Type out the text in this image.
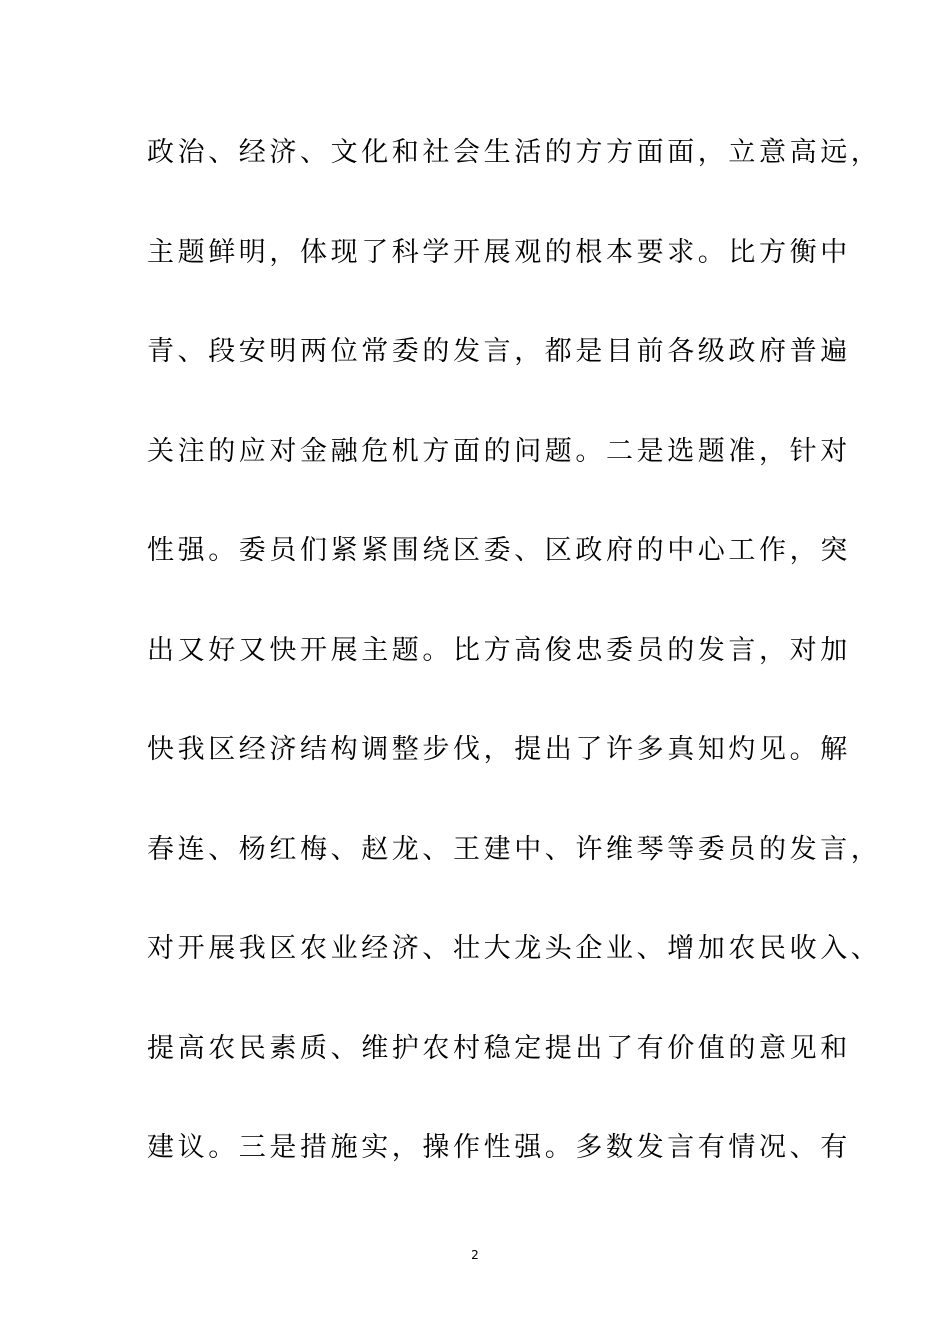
政治、经济、文化和社会生活的方方面面，立意高远，
主题鲜明，体现了科学开展观的根本要求。比方衡中
青、段安明两位常委的发言，都是目前各级政府普遍
关注的应对金融危机方面的问题。二是选题准，针对
性强。委员们紧紧围绕区委、区政府的中心工作，突
出又好又快开展主题。比方高俊忠委员的发言，对加
快我区经济结构调整步伐，提出了许多真知灼见。解
春连、杨红梅、赵龙、王建中、许维琴等委员的发言，
对开展我区农业经济、壮大龙头企业、增加农民收入、
提高农民素质、维护农村稳定提出了有价值的意见和
建议。三是措施实，操作性强。多数发言有情况、有
2
